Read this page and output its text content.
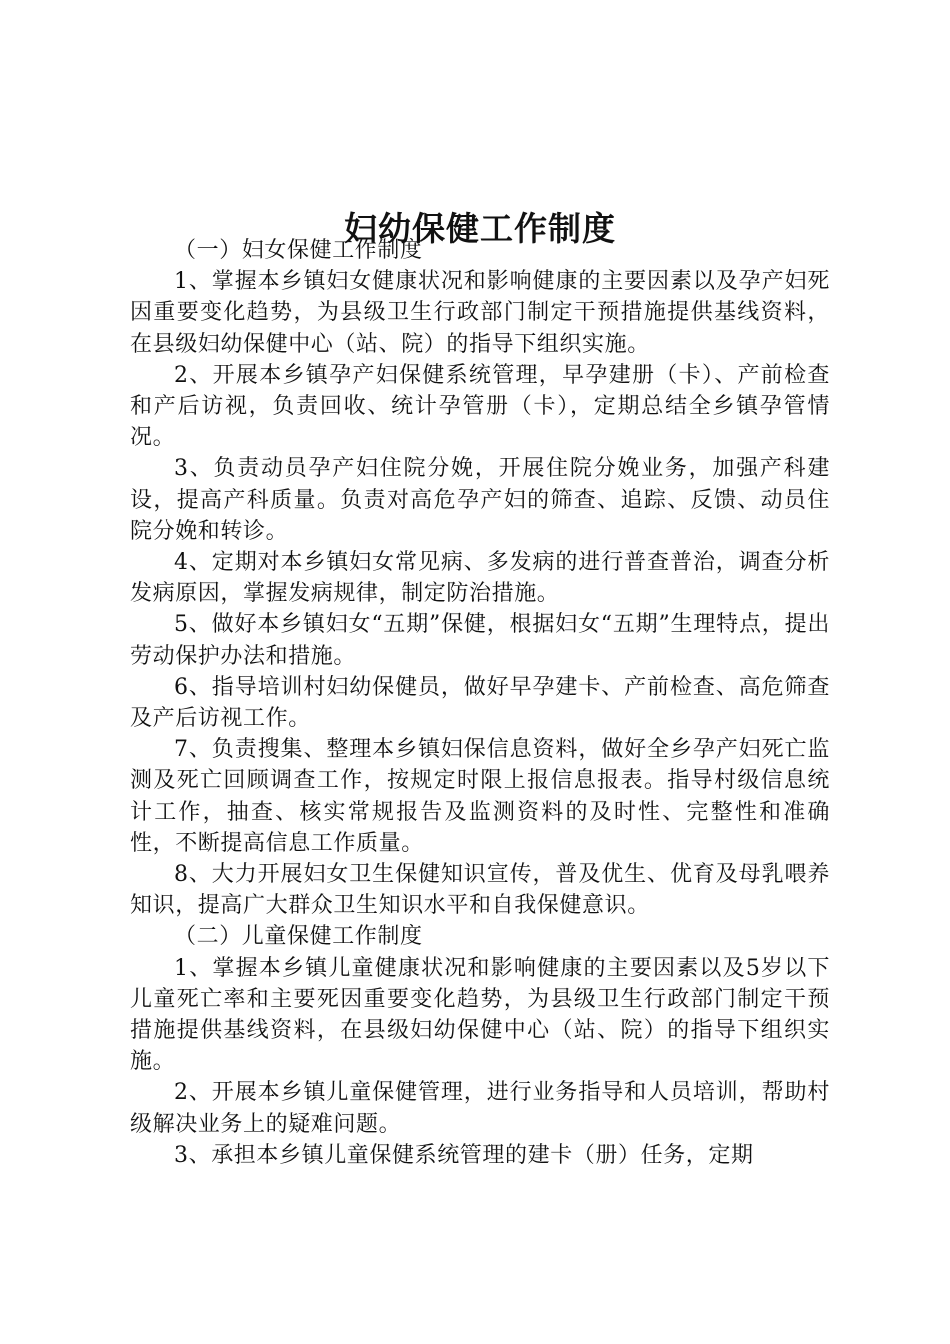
妇幼保健工作制度

（一）妇女保健工作制度

1、掌握本乡镇妇女健康状况和影响健康的主要因素以及孕产妇死因重要变化趋势，为县级卫生行政部门制定干预措施提供基线资料，在县级妇幼保健中心（站、院）的指导下组织实施。

2、开展本乡镇孕产妇保健系统管理，早孕建册（卡）、产前检查和产后访视，负责回收、统计孕管册（卡），定期总结全乡镇孕管情况。

3、负责动员孕产妇住院分娩，开展住院分娩业务，加强产科建设，提高产科质量。负责对高危孕产妇的筛查、追踪、反馈、动员住院分娩和转诊。

4、定期对本乡镇妇女常见病、多发病的进行普查普治，调查分析发病原因，掌握发病规律，制定防治措施。

5、做好本乡镇妇女“五期”保健，根据妇女“五期”生理特点，提出劳动保护办法和措施。

6、指导培训村妇幼保健员，做好早孕建卡、产前检查、高危筛查及产后访视工作。

7、负责搜集、整理本乡镇妇保信息资料，做好全乡孕产妇死亡监测及死亡回顾调查工作，按规定时限上报信息报表。指导村级信息统计工作，抽查、核实常规报告及监测资料的及时性、完整性和准确性，不断提高信息工作质量。

8、大力开展妇女卫生保健知识宣传，普及优生、优育及母乳喂养知识，提高广大群众卫生知识水平和自我保健意识。

（二）儿童保健工作制度

1、掌握本乡镇儿童健康状况和影响健康的主要因素以及5岁以下儿童死亡率和主要死因重要变化趋势，为县级卫生行政部门制定干预措施提供基线资料，在县级妇幼保健中心（站、院）的指导下组织实施。

2、开展本乡镇儿童保健管理，进行业务指导和人员培训，帮助村级解决业务上的疑难问题。

3、承担本乡镇儿童保健系统管理的建卡（册）任务，定期
